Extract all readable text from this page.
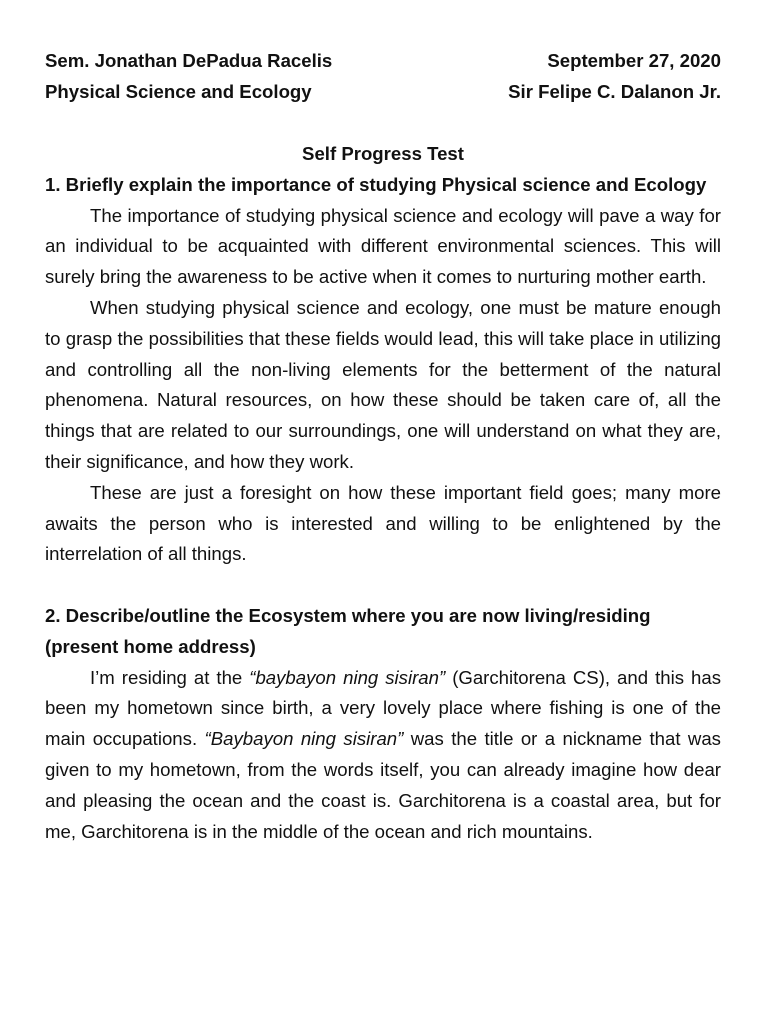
Sem. Jonathan DePadua Racelis	September 27, 2020
Physical Science and Ecology	Sir Felipe C. Dalanon Jr.
Self Progress Test
1. Briefly explain the importance of studying Physical science and Ecology
The importance of studying physical science and ecology will pave a way for an individual to be acquainted with different environmental sciences. This will surely bring the awareness to be active when it comes to nurturing mother earth.
When studying physical science and ecology, one must be mature enough to grasp the possibilities that these fields would lead, this will take place in utilizing and controlling all the non-living elements for the betterment of the natural phenomena. Natural resources, on how these should be taken care of, all the things that are related to our surroundings, one will understand on what they are, their significance, and how they work.
These are just a foresight on how these important field goes; many more awaits the person who is interested and willing to be enlightened by the interrelation of all things.
2. Describe/outline the Ecosystem where you are now living/residing (present home address)
I’m residing at the “baybayon ning sisiran” (Garchitorena CS), and this has been my hometown since birth, a very lovely place where fishing is one of the main occupations. “Baybayon ning sisiran” was the title or a nickname that was given to my hometown, from the words itself, you can already imagine how dear and pleasing the ocean and the coast is. Garchitorena is a coastal area, but for me, Garchitorena is in the middle of the ocean and rich mountains.
